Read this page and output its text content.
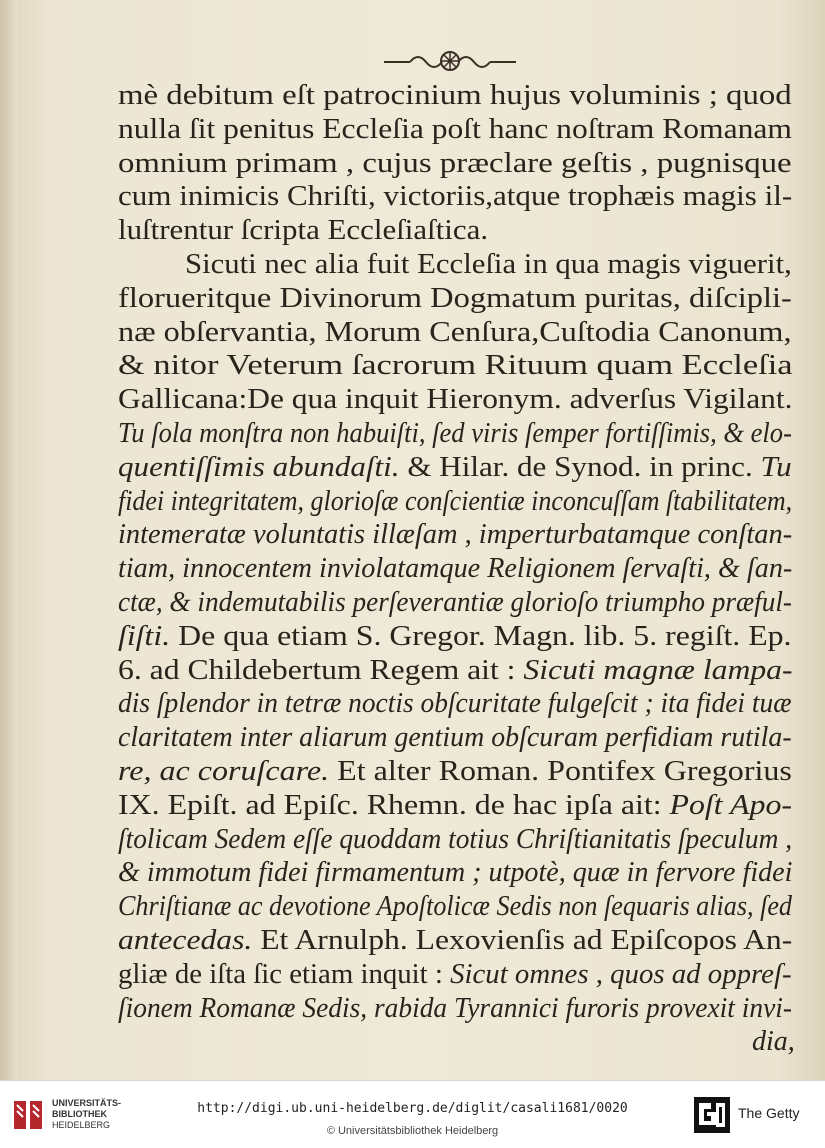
mè debitum eſt patrocinium hujus voluminis ; quod
nulla ſit penitus Eccleſia poſt hanc noſtram Romanam
omnium primam , cujus præclare geſtis , pugnisque
cum inimicis Chriſti, victoriis,atque trophæis magis il-
luſtrentur ſcripta Eccleſiaſtica.
Sicuti nec alia fuit Eccleſia in qua magis viguerit,
florueritque Divinorum Dogmatum puritas, diſcipli-
næ obſervantia, Morum Cenſura,Cuſtodia Canonum,
& nitor Veterum ſacrorum Rituum quam Eccleſia
Gallicana:De qua inquit Hieronym. adverſus Vigilant.
Tu ſola monſtra non habuiſti, ſed viris ſemper fortiſſimis, & elo-
quentiſſimis abundaſti. & Hilar. de Synod. in princ. Tu
fidei integritatem, glorioſæ conſcientiæ inconcuſſam ſtabilitatem,
intemeratæ voluntatis illæſam , imperturbatamque conſtan-
tiam, innocentem inviolatamque Religionem ſervaſti, & ſan-
ctæ, & indemutabilis perſeverantiæ glorioſo triumpho præful-
ſiſti. De qua etiam S. Gregor. Magn. lib. 5. regiſt. Ep.
6. ad Childebertum Regem ait : Sicuti magnæ lampa-
dis ſplendor in tetræ noctis obſcuritate fulgeſcit ; ita fidei tuæ
claritatem inter aliarum gentium obſcuram perfidiam rutila-
re, ac coruſcare. Et alter Roman. Pontifex Gregorius
IX. Epiſt. ad Epiſc. Rhemn. de hac ipſa ait: Poſt Apo-
ſtolicam Sedem eſſe quoddam totius Chriſtianitatis ſpeculum ,
& immotum fidei firmamentum ; utpotè, quæ in fervore fidei
Chriſtianæ ac devotione Apoſtolicæ Sedis non ſequaris alias, ſed
antecedas. Et Arnulph. Lexovienſis ad Epiſcopos An-
gliæ de iſta ſic etiam inquit : Sicut omnes , quos ad oppreſ-
ſionem Romanæ Sedis, rabida Tyrannici furoris provexit invi-
dia,
UNIVERSITÄTS-
BIBLIOTHEK
HEIDELBERG
http://digi.ub.uni-heidelberg.de/diglit/casali1681/0020
© Universitätsbibliothek Heidelberg
The Getty
